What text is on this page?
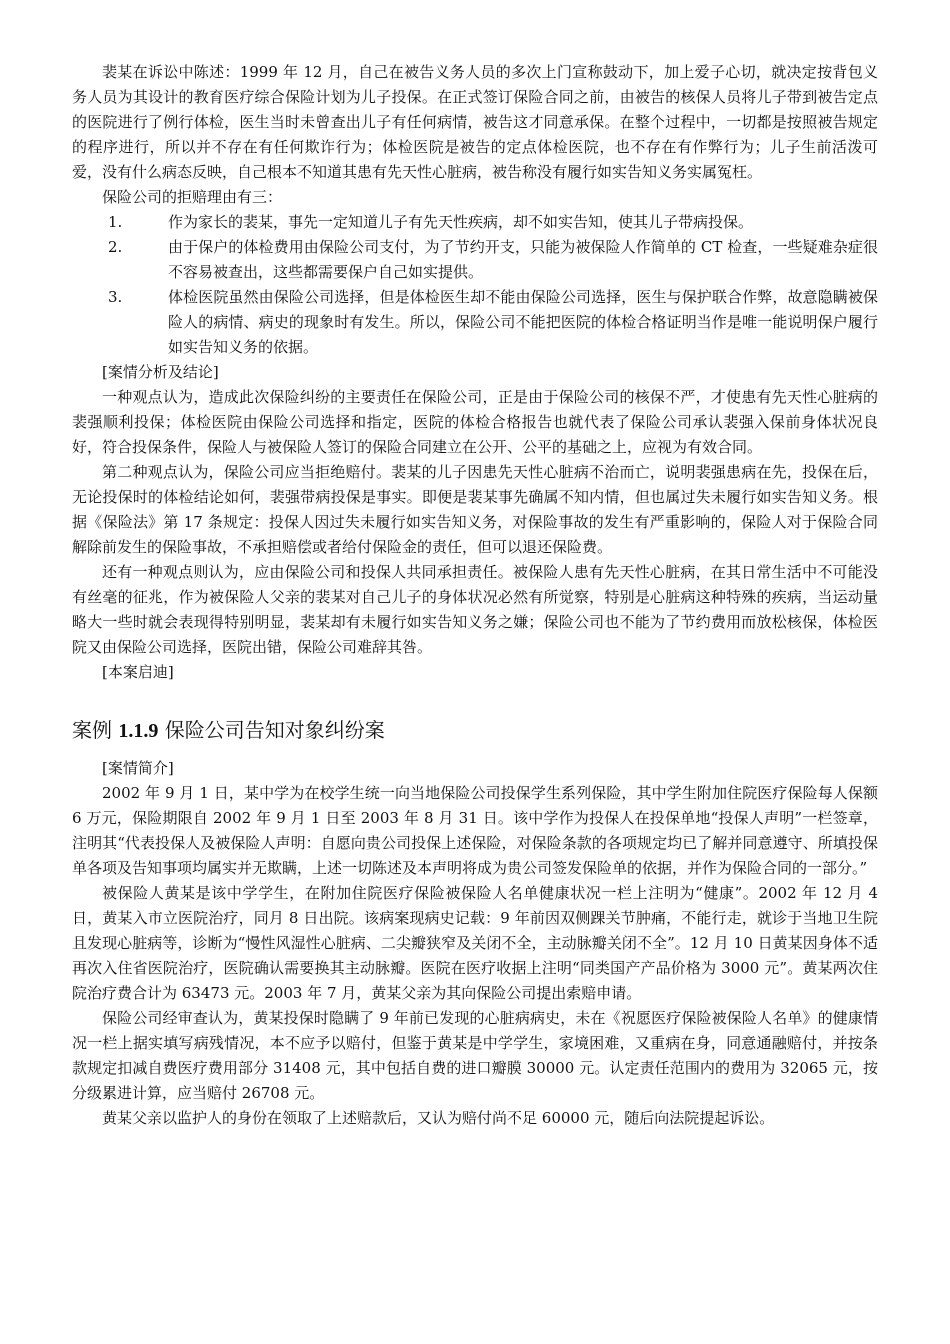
裴某在诉讼中陈述：1999 年 12 月，自己在被告义务人员的多次上门宣称鼓动下，加上爱子心切，就决定按背包义务人员为其设计的教育医疗综合保险计划为儿子投保。在正式签订保险合同之前，由被告的核保人员将儿子带到被告定点的医院进行了例行体检，医生当时未曾查出儿子有任何病情，被告这才同意承保。在整个过程中，一切都是按照被告规定的程序进行，所以并不存在有任何欺诈行为；体检医院是被告的定点体检医院，也不存在有作弊行为；儿子生前活泼可爱，没有什么病态反映，自己根本不知道其患有先天性心脏病，被告称没有履行如实告知义务实属冤枉。

保险公司的拒赔理由有三：

1.	作为家长的裴某，事先一定知道儿子有先天性疾病，却不如实告知，使其儿子带病投保。
2.	由于保户的体检费用由保险公司支付，为了节约开支，只能为被保险人作简单的 CT 检查，一些疑难杂症很不容易被查出，这些都需要保户自己如实提供。
3.	体检医院虽然由保险公司选择，但是体检医生却不能由保险公司选择，医生与保护联合作弊，故意隐瞒被保险人的病情、病史的现象时有发生。所以，保险公司不能把医院的体检合格证明当作是唯一能说明保户履行如实告知义务的依据。

[案情分析及结论]

一种观点认为，造成此次保险纠纷的主要责任在保险公司，正是由于保险公司的核保不严，才使患有先天性心脏病的裴强顺利投保；体检医院由保险公司选择和指定，医院的体检合格报告也就代表了保险公司承认裴强入保前身体状况良好，符合投保条件，保险人与被保险人签订的保险合同建立在公开、公平的基础之上，应视为有效合同。

第二种观点认为，保险公司应当拒绝赔付。裴某的儿子因患先天性心脏病不治而亡，说明裴强患病在先，投保在后，无论投保时的体检结论如何，裴强带病投保是事实。即便是裴某事先确属不知内情，但也属过失未履行如实告知义务。根据《保险法》第 17 条规定：投保人因过失未履行如实告知义务，对保险事故的发生有严重影响的，保险人对于保险合同解除前发生的保险事故，不承担赔偿或者给付保险金的责任，但可以退还保险费。

还有一种观点则认为，应由保险公司和投保人共同承担责任。被保险人患有先天性心脏病，在其日常生活中不可能没有丝毫的征兆，作为被保险人父亲的裴某对自己儿子的身体状况必然有所觉察，特别是心脏病这种特殊的疾病，当运动量略大一些时就会表现得特别明显，裴某却有未履行如实告知义务之嫌；保险公司也不能为了节约费用而放松核保，体检医院又由保险公司选择，医院出错，保险公司难辞其咎。

[本案启迪]

案例 1.1.9 保险公司告知对象纠纷案

[案情简介]

2002 年 9 月 1 日，某中学为在校学生统一向当地保险公司投保学生系列保险，其中学生附加住院医疗保险每人保额 6 万元，保险期限自 2002 年 9 月 1 日至 2003 年 8 月 31 日。该中学作为投保人在投保单地“投保人声明”一栏签章，注明其“代表投保人及被保险人声明：自愿向贵公司投保上述保险，对保险条款的各项规定均已了解并同意遵守、所填投保单各项及告知事项均属实并无欺瞒，上述一切陈述及本声明将成为贵公司签发保险单的依据，并作为保险合同的一部分。”

被保险人黄某是该中学学生，在附加住院医疗保险被保险人名单健康状况一栏上注明为“健康”。2002 年 12 月 4 日，黄某入市立医院治疗，同月 8 日出院。该病案现病史记载：9 年前因双侧踝关节肿痛，不能行走，就诊于当地卫生院且发现心脏病等，诊断为“慢性风湿性心脏病、二尖瓣狭窄及关闭不全，主动脉瓣关闭不全”。12 月 10 日黄某因身体不适再次入住省医院治疗，医院确认需要换其主动脉瓣。医院在医疗收据上注明“同类国产产品价格为 3000 元”。黄某两次住院治疗费合计为 63473 元。2003 年 7 月，黄某父亲为其向保险公司提出索赔申请。

保险公司经审查认为，黄某投保时隐瞒了 9 年前已发现的心脏病病史，未在《祝愿医疗保险被保险人名单》的健康情况一栏上据实填写病残情况，本不应予以赔付，但鉴于黄某是中学学生，家境困难，又重病在身，同意通融赔付，并按条款规定扣减自费医疗费用部分 31408 元，其中包括自费的进口瓣膜 30000 元。认定责任范围内的费用为 32065 元，按分级累进计算，应当赔付 26708 元。

黄某父亲以监护人的身份在领取了上述赔款后，又认为赔付尚不足 60000 元，随后向法院提起诉讼。
